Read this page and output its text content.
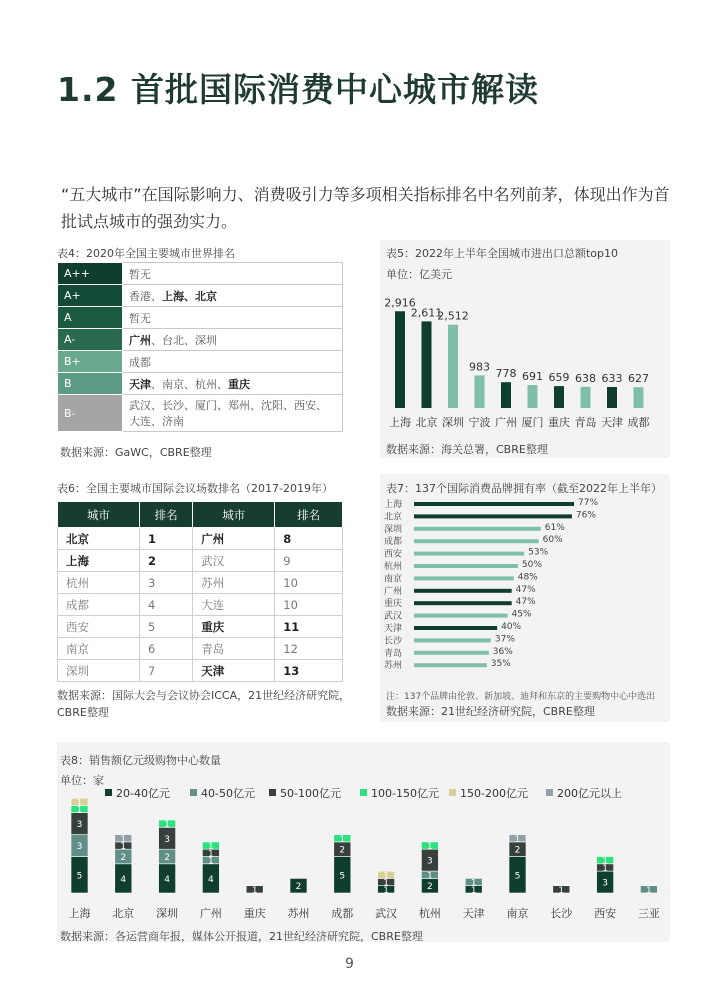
1.2 首批国际消费中心城市解读
“五大城市”在国际影响力、消费吸引力等多项相关指标排名中名列前茅，体现出作为首批试点城市的强劲实力。
表4：2020年全国主要城市世界排名
A++	暂无
A+	香港、上海、北京
A	暂无
A-	广州、台北、深圳
B+	成都
B	天津、南京、杭州、重庆
B-	武汉、长沙、厦门、郑州、沈阳、西安、大连、济南
数据来源：GaWC，CBRE整理
表5：2022年上半年全国城市进出口总额top10
单位：亿美元
2,916
上海
2,611
北京
2,512
深圳
983
宁波
778
广州
691
厦门
659
重庆
638
青岛
633
天津
627
成都
数据来源：海关总署，CBRE整理
表6：全国主要城市国际会议场数排名（2017-2019年）
城市	排名	城市	排名
北京	1	广州	8
上海	2	武汉	9
杭州	3	苏州	10
成都	4	大连	10
西安	5	重庆	11
南京	6	青岛	12
深圳	7	天津	13
数据来源：国际大会与会议协会ICCA，21世纪经济研究院，CBRE整理
表7：137个国际消费品牌拥有率（截至2022年上半年）
上海	77%
北京	76%
深圳	61%
成都	60%
西安	53%
杭州	50%
南京	48%
广州	47%
重庆	47%
武汉	45%
天津	40%
长沙	37%
青岛	36%
苏州	35%
注：137个品牌由伦敦、新加坡、迪拜和东京的主要购物中心中选出
数据来源：21世纪经济研究院，CBRE整理
表8：销售额亿元级购物中心数量
单位：家
20-40亿元	40-50亿元 50-100亿元	100-150亿元 150-200亿元	200亿元以上
5
3
3
1
1
上海
4
2
1
1
北京
4
2
3
1
深圳
4
1
1
1
广州
1
重庆
2
苏州
5
2
1
成都
1
1
1
武汉
2
1
3
1
杭州
1
1
天津
5
2
1
南京
1
长沙
3
1
1
西安
1
三亚
数据来源：各运营商年报，媒体公开报道，21世纪经济研究院，CBRE整理
9
